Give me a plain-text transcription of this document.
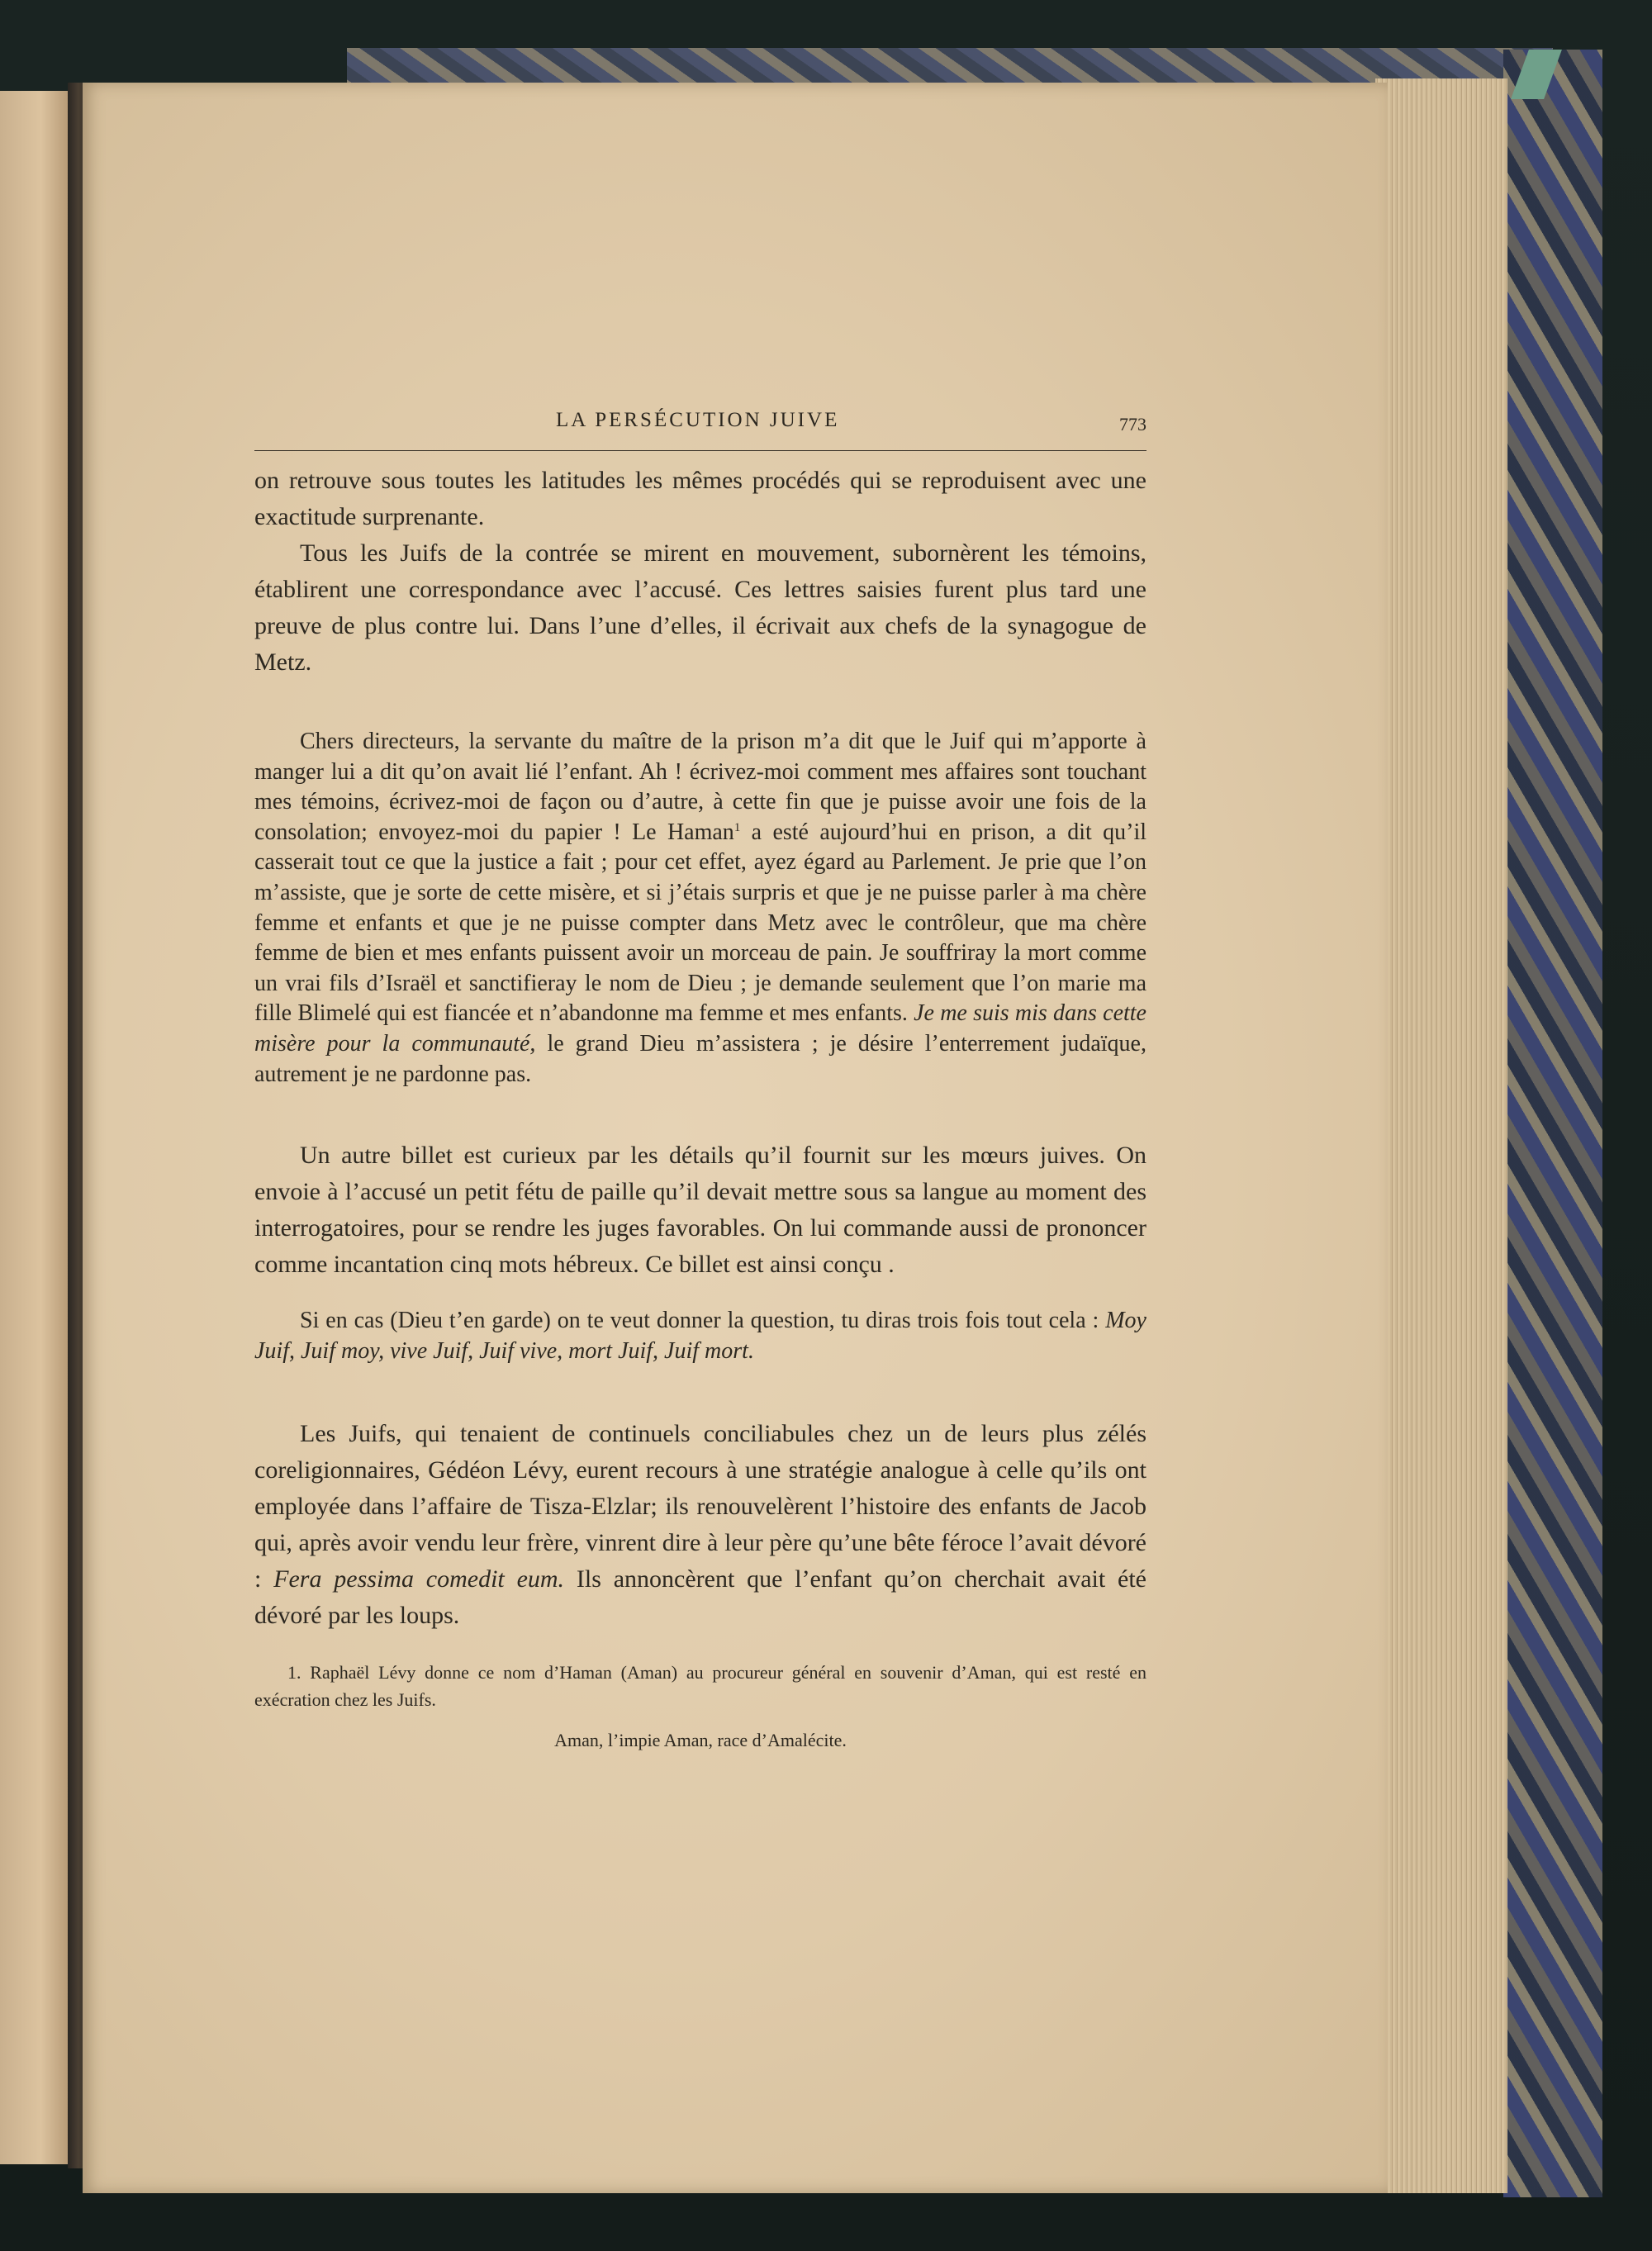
LA PERSÉCUTION JUIVE	773

on retrouve sous toutes les latitudes les mêmes procédés qui se reproduisent avec une exactitude surprenante.

Tous les Juifs de la contrée se mirent en mouvement, subornèrent les témoins, établirent une correspondance avec l’accusé. Ces lettres saisies furent plus tard une preuve de plus contre lui. Dans l’une d’elles, il écrivait aux chefs de la synagogue de Metz.

Chers directeurs, la servante du maître de la prison m’a dit que le Juif qui m’apporte à manger lui a dit qu’on avait lié l’enfant. Ah ! écrivez-moi comment mes affaires sont touchant mes témoins, écrivez-moi de façon ou d’autre, à cette fin que je puisse avoir une fois de la consolation; envoyez-moi du papier ! Le Haman$^1$ a esté aujourd’hui en prison, a dit qu’il casserait tout ce que la justice a fait ; pour cet effet, ayez égard au Parlement. Je prie que l’on m’assiste, que je sorte de cette misère, et si j’étais surpris et que je ne puisse parler à ma chère femme et enfants et que je ne puisse compter dans Metz avec le contrôleur, que ma chère femme de bien et mes enfants puissent avoir un morceau de pain. Je souffriray la mort comme un vrai fils d’Israël et sanctifieray le nom de Dieu ; je demande seulement que l’on marie ma fille Blimelé qui est fiancée et n’abandonne ma femme et mes enfants. Je me suis mis dans cette misère pour la communauté, le grand Dieu m’assistera ; je désire l’enterrement judaïque, autrement je ne pardonne pas.

Un autre billet est curieux par les détails qu’il fournit sur les mœurs juives. On envoie à l’accusé un petit fétu de paille qu’il devait mettre sous sa langue au moment des interrogatoires, pour se rendre les juges favorables. On lui commande aussi de prononcer comme incantation cinq mots hébreux. Ce billet est ainsi conçu .

Si en cas (Dieu t’en garde) on te veut donner la question, tu diras trois fois tout cela : Moy Juif, Juif moy, vive Juif, Juif vive, mort Juif, Juif mort.

Les Juifs, qui tenaient de continuels conciliabules chez un de leurs plus zélés coreligionnaires, Gédéon Lévy, eurent recours à une stratégie analogue à celle qu’ils ont employée dans l’affaire de Tisza-Elzlar; ils renouvelèrent l’histoire des enfants de Jacob qui, après avoir vendu leur frère, vinrent dire à leur père qu’une bête féroce l’avait dévoré : Fera pessima comedit eum. Ils annoncèrent que l’enfant qu’on cherchait avait été dévoré par les loups.

1. Raphaël Lévy donne ce nom d’Haman (Aman) au procureur général en souvenir d’Aman, qui est resté en exécration chez les Juifs.

Aman, l’impie Aman, race d’Amalécite.
